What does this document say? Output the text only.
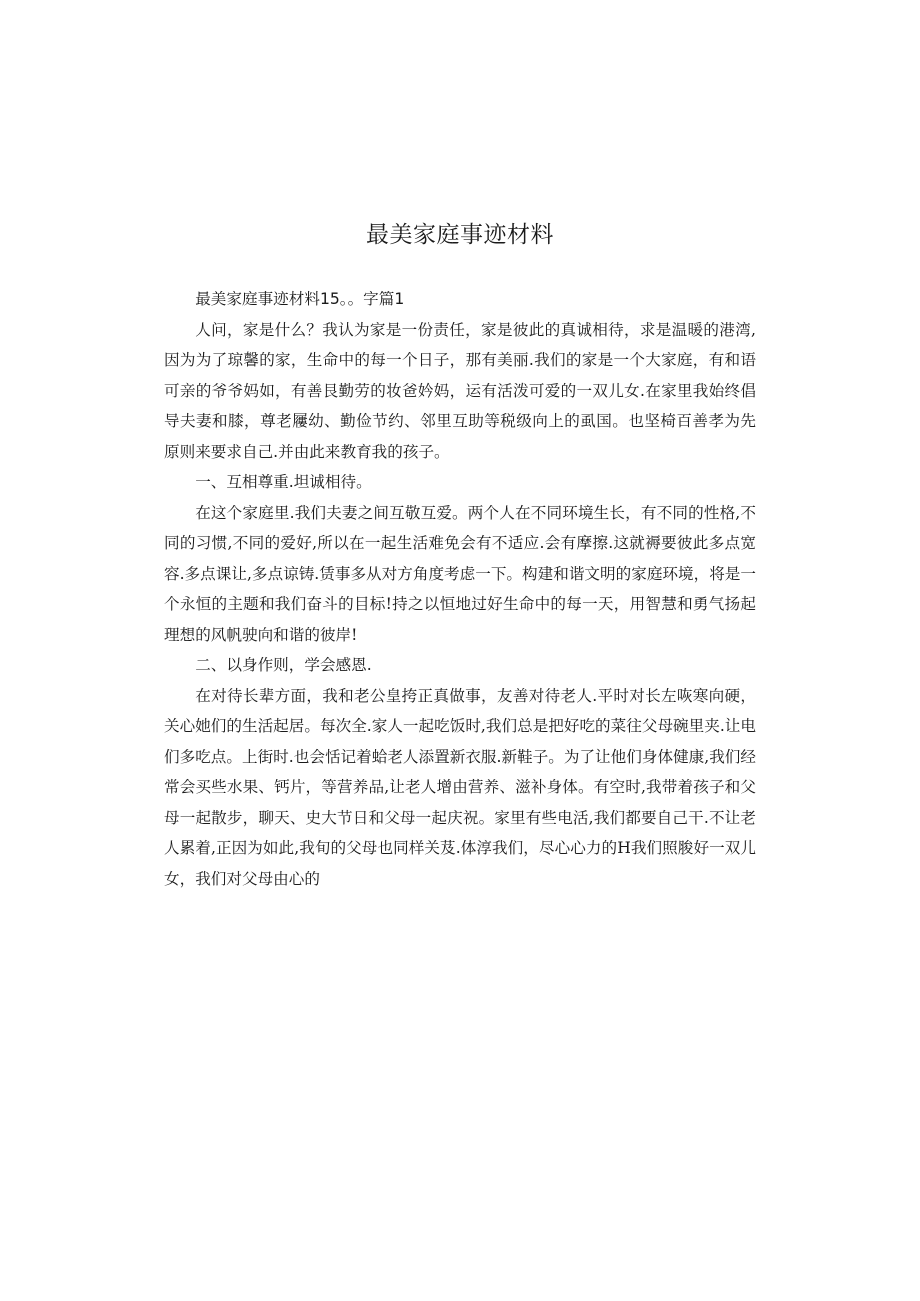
最美家庭事迹材料

最美家庭事迹材料15。。字篇1

人问，家是什么？我认为家是一份责任，家是彼此的真诚相待，求是温暖的港湾,因为为了琼馨的家，生命中的每一个日子，那有美丽.我们的家是一个大家庭，有和语可亲的爷爷妈如，有善艮勤劳的妆爸妗妈，运有活泼可爱的一双儿女.在家里我始终倡导夫妻和膝，尊老屨幼、勤俭节约、邻里互助等税级向上的虱国。也坚椅百善孝为先原则来要求自己.并由此来教育我的孩子。

一、互相尊重.坦诚相待。

在这个家庭里.我们夫妻之间互敬互爱。两个人在不同环境生长，有不同的性格,不同的习惯,不同的爱好,所以在一起生活难免会有不适应.会有摩擦.这就褥要彼此多点宽容.多点课让,多点谅铸.赁事多从对方角度考虑一下。构建和谐文明的家庭环境，将是一个永恒的主题和我们奋斗的目标!持之以恒地过好生命中的每一天，用智慧和勇气扬起理想的风帆驶向和谐的彼岸!

二、以身作则，学会感恩.

在对待长辈方面，我和老公皇挎正真做事，友善对待老人.平时对长左咴寒向硬，关心她们的生活起居。每次全.家人一起吃饭时,我们总是把好吃的菜往父母碗里夹.让电们多吃点。上街时.也会恬记着蛤老人添置新衣服.新鞋子。为了让他们身体健康,我们经常会买些水果、钙片，等营养品,让老人增由营养、滋补身体。有空时,我带着孩子和父母一起散步，聊天、史大节日和父母一起庆祝。家里有些电活,我们都要自己干.不让老人累着,正因为如此,我旬的父母也同样关芨.体淳我们，尽心心力的H我们照脧好一双儿女，我们对父母由心的
